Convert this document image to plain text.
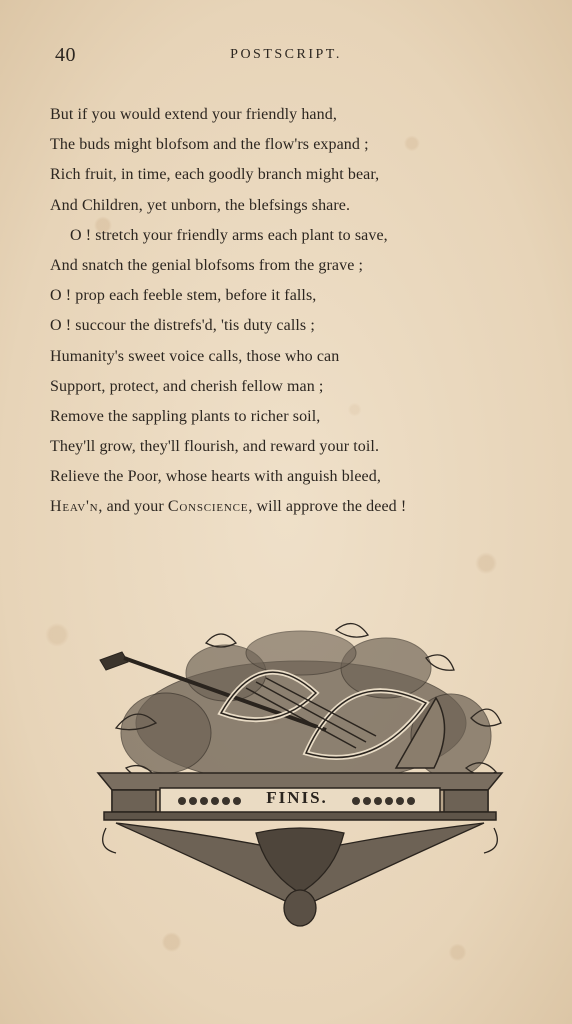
40	POSTSCRIPT.
But if you would extend your friendly hand,
The buds might blofsom and the flow'rs expand ;
Rich fruit, in time, each goodly branch might bear,
And Children, yet unborn, the blefsings share.
O ! stretch your friendly arms each plant to save,
And snatch the genial blofsoms from the grave ;
O ! prop each feeble stem, before it falls,
O ! succour the distrefs'd, 'tis duty calls ;
Humanity's sweet voice calls, those who can
Support, protect, and cherish fellow man ;
Remove the sappling plants to richer soil,
They'll grow, they'll flourish, and reward your toil.
Relieve the Poor, whose hearts with anguish bleed,
Heav'n, and your Conscience, will approve the deed !
FINIS.
